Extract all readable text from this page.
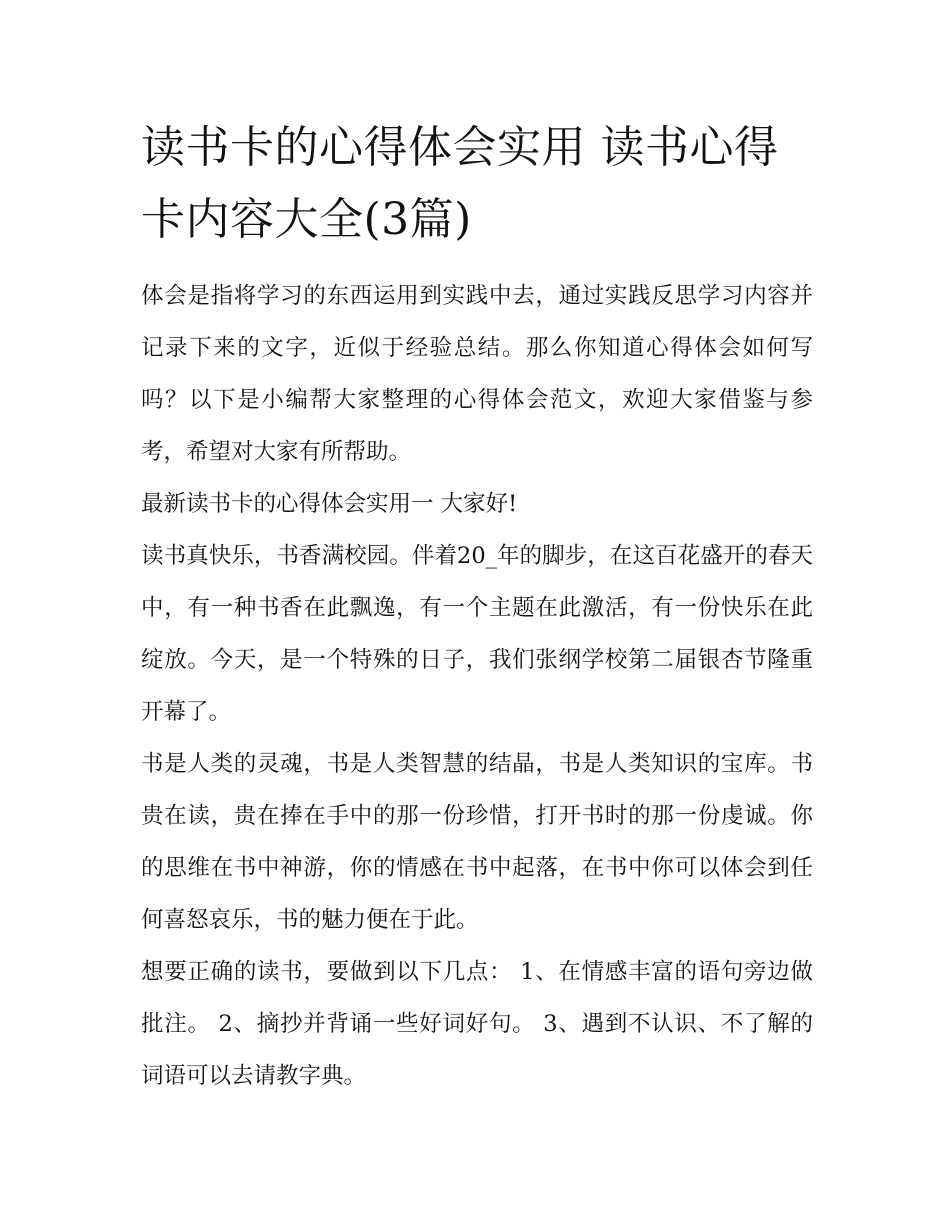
读书卡的心得体会实用 读书心得卡内容大全(3篇)

体会是指将学习的东西运用到实践中去，通过实践反思学习内容并记录下来的文字，近似于经验总结。那么你知道心得体会如何写吗？以下是小编帮大家整理的心得体会范文，欢迎大家借鉴与参考，希望对大家有所帮助。

最新读书卡的心得体会实用一 大家好!

读书真快乐，书香满校园。伴着20_年的脚步，在这百花盛开的春天中，有一种书香在此飘逸，有一个主题在此激活，有一份快乐在此绽放。今天，是一个特殊的日子，我们张纲学校第二届银杏节隆重开幕了。

书是人类的灵魂，书是人类智慧的结晶，书是人类知识的宝库。书贵在读，贵在捧在手中的那一份珍惜，打开书时的那一份虔诚。你的思维在书中神游，你的情感在书中起落，在书中你可以体会到任何喜怒哀乐，书的魅力便在于此。

想要正确的读书，要做到以下几点： 1、在情感丰富的语句旁边做批注。 2、摘抄并背诵一些好词好句。 3、遇到不认识、不了解的词语可以去请教字典。
